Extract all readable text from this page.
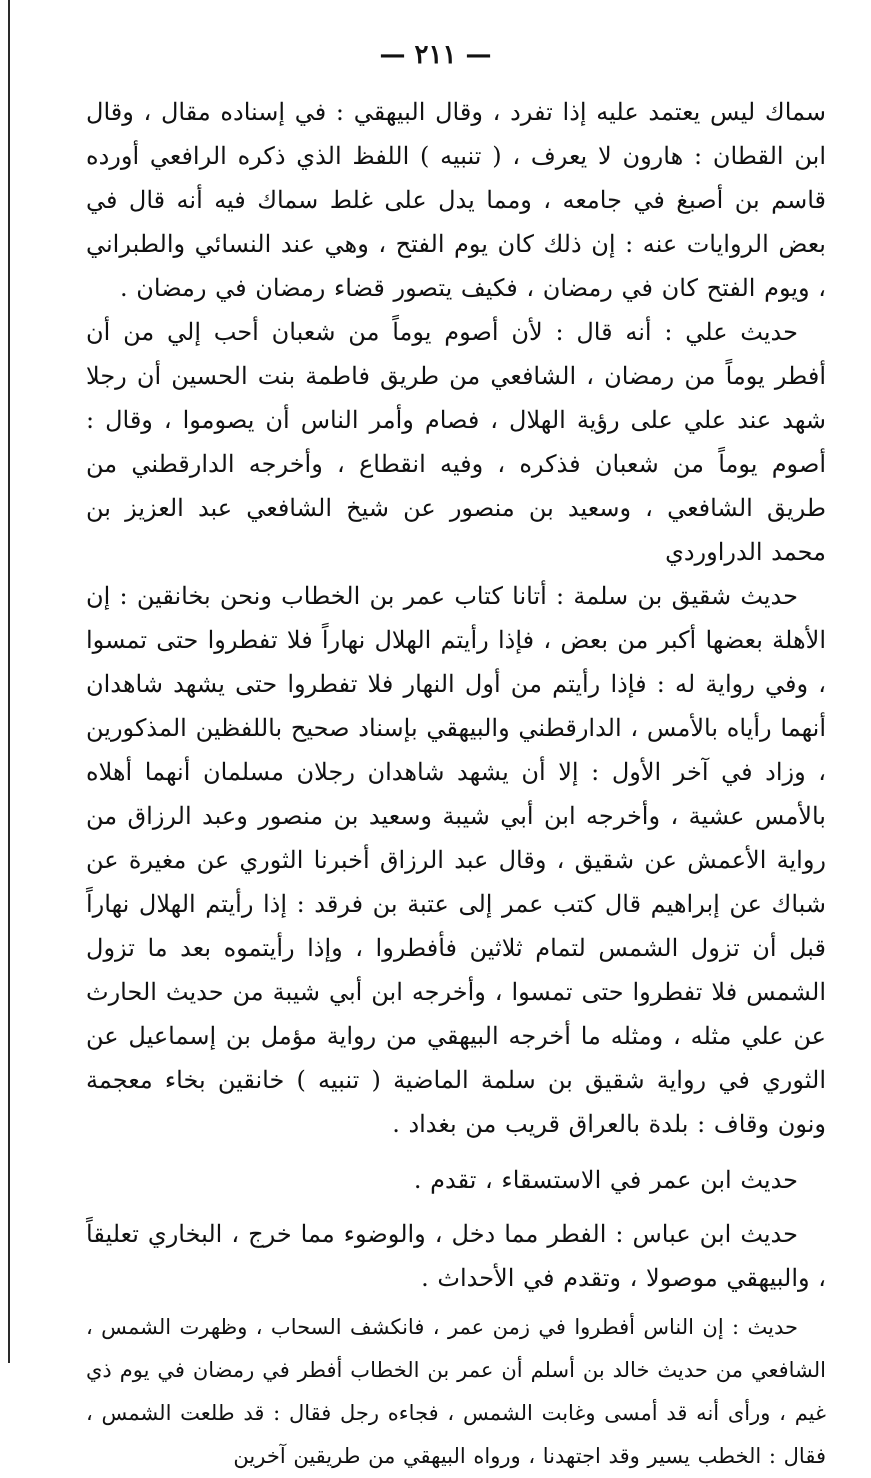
— ٢١١ —

سماك ليس يعتمد عليه إذا تفرد ، وقال البيهقي : في إسناده مقال ، وقال ابن القطان : هارون لا يعرف ، ( تنبيه ) اللفظ الذي ذكره الرافعي أورده قاسم بن أصبغ في جامعه ، ومما يدل على غلط سماك فيه أنه قال في بعض الروايات عنه : إن ذلك كان يوم الفتح ، وهي عند النسائي والطبراني ، ويوم الفتح كان في رمضان ، فكيف يتصور قضاء رمضان في رمضان .

حديث علي : أنه قال : لأن أصوم يوماً من شعبان أحب إلي من أن أفطر يوماً من رمضان ، الشافعي من طريق فاطمة بنت الحسين أن رجلا شهد عند علي على رؤية الهلال ، فصام وأمر الناس أن يصوموا ، وقال : أصوم يوماً من شعبان فذكره ، وفيه انقطاع ، وأخرجه الدارقطني من طريق الشافعي ، وسعيد بن منصور عن شيخ الشافعي عبد العزيز بن محمد الدراوردي

حديث شقيق بن سلمة : أتانا كتاب عمر بن الخطاب ونحن بخانقين : إن الأهلة بعضها أكبر من بعض ، فإذا رأيتم الهلال نهاراً فلا تفطروا حتى تمسوا ، وفي رواية له : فإذا رأيتم من أول النهار فلا تفطروا حتى يشهد شاهدان أنهما رأياه بالأمس ، الدارقطني والبيهقي بإسناد صحيح باللفظين المذكورين ، وزاد في آخر الأول : إلا أن يشهد شاهدان رجلان مسلمان أنهما أهلاه بالأمس عشية ، وأخرجه ابن أبي شيبة وسعيد بن منصور وعبد الرزاق من رواية الأعمش عن شقيق ، وقال عبد الرزاق أخبرنا الثوري عن مغيرة عن شباك عن إبراهيم قال كتب عمر إلى عتبة بن فرقد : إذا رأيتم الهلال نهاراً قبل أن تزول الشمس لتمام ثلاثين فأفطروا ، وإذا رأيتموه بعد ما تزول الشمس فلا تفطروا حتى تمسوا ، وأخرجه ابن أبي شيبة من حديث الحارث عن علي مثله ، ومثله ما أخرجه البيهقي من رواية مؤمل بن إسماعيل عن الثوري في رواية شقيق بن سلمة الماضية ( تنبيه ) خانقين بخاء معجمة ونون وقاف : بلدة بالعراق قريب من بغداد .

حديث ابن عمر في الاستسقاء ، تقدم .

حديث ابن عباس : الفطر مما دخل ، والوضوء مما خرج ، البخاري تعليقاً ، والبيهقي موصولا ، وتقدم في الأحداث .

حديث : إن الناس أفطروا في زمن عمر ، فانكشف السحاب ، وظهرت الشمس ، الشافعي من حديث خالد بن أسلم أن عمر بن الخطاب أفطر في رمضان في يوم ذي غيم ، ورأى أنه قد أمسى وغابت الشمس ، فجاءه رجل فقال : قد طلعت الشمس ، فقال : الخطب يسير وقد اجتهدنا ، ورواه البيهقي من طريقين آخرين
